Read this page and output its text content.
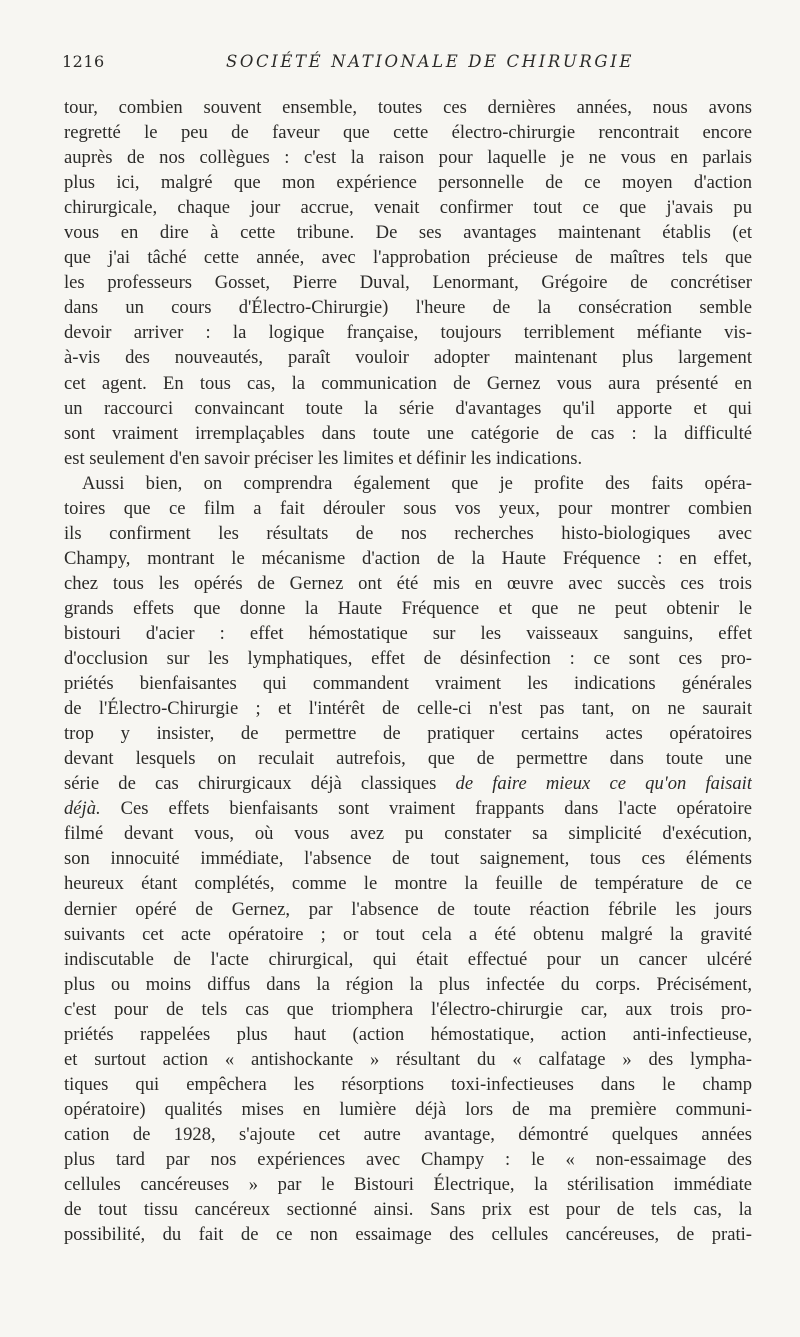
1216	SOCIÉTÉ NATIONALE DE CHIRURGIE
tour, combien souvent ensemble, toutes ces dernières années, nous avons
regretté le peu de faveur que cette électro-chirurgie rencontrait encore
auprès de nos collègues : c'est la raison pour laquelle je ne vous en parlais
plus ici, malgré que mon expérience personnelle de ce moyen d'action
chirurgicale, chaque jour accrue, venait confirmer tout ce que j'avais pu
vous en dire à cette tribune. De ses avantages maintenant établis (et
que j'ai tâché cette année, avec l'approbation précieuse de maîtres tels que
les professeurs Gosset, Pierre Duval, Lenormant, Grégoire de concrétiser
dans un cours d'Électro-Chirurgie) l'heure de la consécration semble
devoir arriver : la logique française, toujours terriblement méfiante vis-
à-vis des nouveautés, paraît vouloir adopter maintenant plus largement
cet agent. En tous cas, la communication de Gernez vous aura présenté en
un raccourci convaincant toute la série d'avantages qu'il apporte et qui
sont vraiment irremplaçables dans toute une catégorie de cas : la difficulté
est seulement d'en savoir préciser les limites et définir les indications.
Aussi bien, on comprendra également que je profite des faits opéra-
toires que ce film a fait dérouler sous vos yeux, pour montrer combien
ils confirment les résultats de nos recherches histo-biologiques avec
Champy, montrant le mécanisme d'action de la Haute Fréquence : en effet,
chez tous les opérés de Gernez ont été mis en œuvre avec succès ces trois
grands effets que donne la Haute Fréquence et que ne peut obtenir le
bistouri d'acier : effet hémostatique sur les vaisseaux sanguins, effet
d'occlusion sur les lymphatiques, effet de désinfection : ce sont ces pro-
priétés bienfaisantes qui commandent vraiment les indications générales
de l'Électro-Chirurgie ; et l'intérêt de celle-ci n'est pas tant, on ne saurait
trop y insister, de permettre de pratiquer certains actes opératoires
devant lesquels on reculait autrefois, que de permettre dans toute une
série de cas chirurgicaux déjà classiques de faire mieux ce qu'on faisait
déjà. Ces effets bienfaisants sont vraiment frappants dans l'acte opératoire
filmé devant vous, où vous avez pu constater sa simplicité d'exécution,
son innocuité immédiate, l'absence de tout saignement, tous ces éléments
heureux étant complétés, comme le montre la feuille de température de ce
dernier opéré de Gernez, par l'absence de toute réaction fébrile les jours
suivants cet acte opératoire ; or tout cela a été obtenu malgré la gravité
indiscutable de l'acte chirurgical, qui était effectué pour un cancer ulcéré
plus ou moins diffus dans la région la plus infectée du corps. Précisément,
c'est pour de tels cas que triomphera l'électro-chirurgie car, aux trois pro-
priétés rappelées plus haut (action hémostatique, action anti-infectieuse,
et surtout action « antishockante » résultant du « calfatage » des lympha-
tiques qui empêchera les résorptions toxi-infectieuses dans le champ
opératoire) qualités mises en lumière déjà lors de ma première communi-
cation de 1928, s'ajoute cet autre avantage, démontré quelques années
plus tard par nos expériences avec Champy : le « non-essaimage des
cellules cancéreuses » par le Bistouri Électrique, la stérilisation immédiate
de tout tissu cancéreux sectionné ainsi. Sans prix est pour de tels cas, la
possibilité, du fait de ce non essaimage des cellules cancéreuses, de prati-
